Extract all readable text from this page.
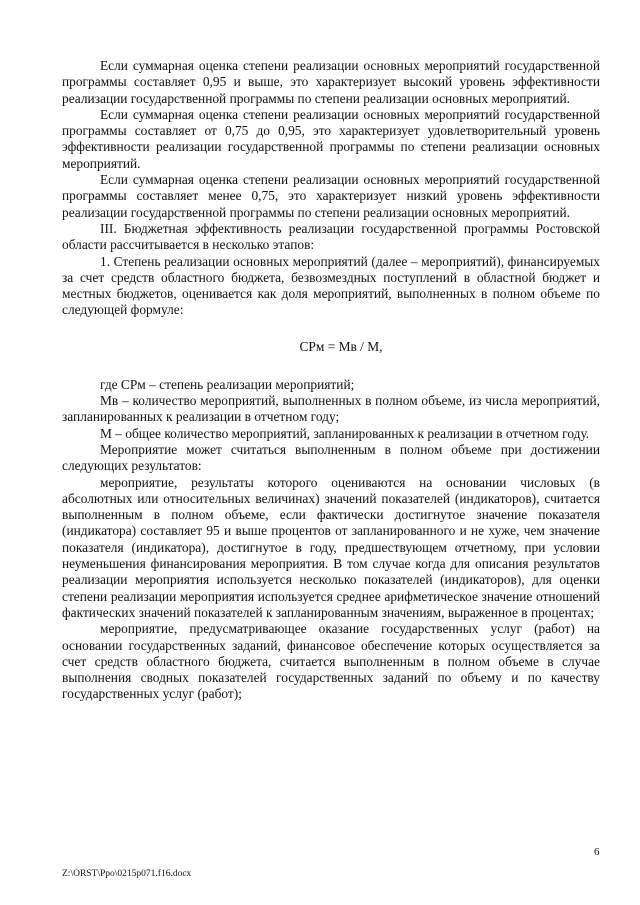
Если суммарная оценка степени реализации основных мероприятий государственной программы составляет 0,95 и выше, это характеризует высокий уровень эффективности реализации государственной программы по степени реализации основных мероприятий.

Если суммарная оценка степени реализации основных мероприятий государственной программы составляет от 0,75 до 0,95, это характеризует удовлетворительный уровень эффективности реализации государственной программы по степени реализации основных мероприятий.

Если суммарная оценка степени реализации основных мероприятий государственной программы составляет менее 0,75, это характеризует низкий уровень эффективности реализации государственной программы по степени реализации основных мероприятий.

III. Бюджетная эффективность реализации государственной программы Ростовской области рассчитывается в несколько этапов:

1. Степень реализации основных мероприятий (далее – мероприятий), финансируемых за счет средств областного бюджета, безвозмездных поступлений в областной бюджет и местных бюджетов, оценивается как доля мероприятий, выполненных в полном объеме по следующей формуле:

СРм = Мв / М,

где СРм – степень реализации мероприятий;

Мв – количество мероприятий, выполненных в полном объеме, из числа мероприятий, запланированных к реализации в отчетном году;

М – общее количество мероприятий, запланированных к реализации в отчетном году.

Мероприятие может считаться выполненным в полном объеме при достижении следующих результатов:

мероприятие, результаты которого оцениваются на основании числовых (в абсолютных или относительных величинах) значений показателей (индикаторов), считается выполненным в полном объеме, если фактически достигнутое значение показателя (индикатора) составляет 95 и выше процентов от запланированного и не хуже, чем значение показателя (индикатора), достигнутое в году, предшествующем отчетному, при условии неуменьшения финансирования мероприятия. В том случае когда для описания результатов реализации мероприятия используется несколько показателей (индикаторов), для оценки степени реализации мероприятия используется среднее арифметическое значение отношений фактических значений показателей к запланированным значениям, выраженное в процентах;

мероприятие, предусматривающее оказание государственных услуг (работ) на основании государственных заданий, финансовое обеспечение которых осуществляется за счет средств областного бюджета, считается выполненным в полном объеме в случае выполнения сводных показателей государственных заданий по объему и по качеству государственных услуг (работ);

6
Z:\ORST\Ppo\0215p071.f16.docx
